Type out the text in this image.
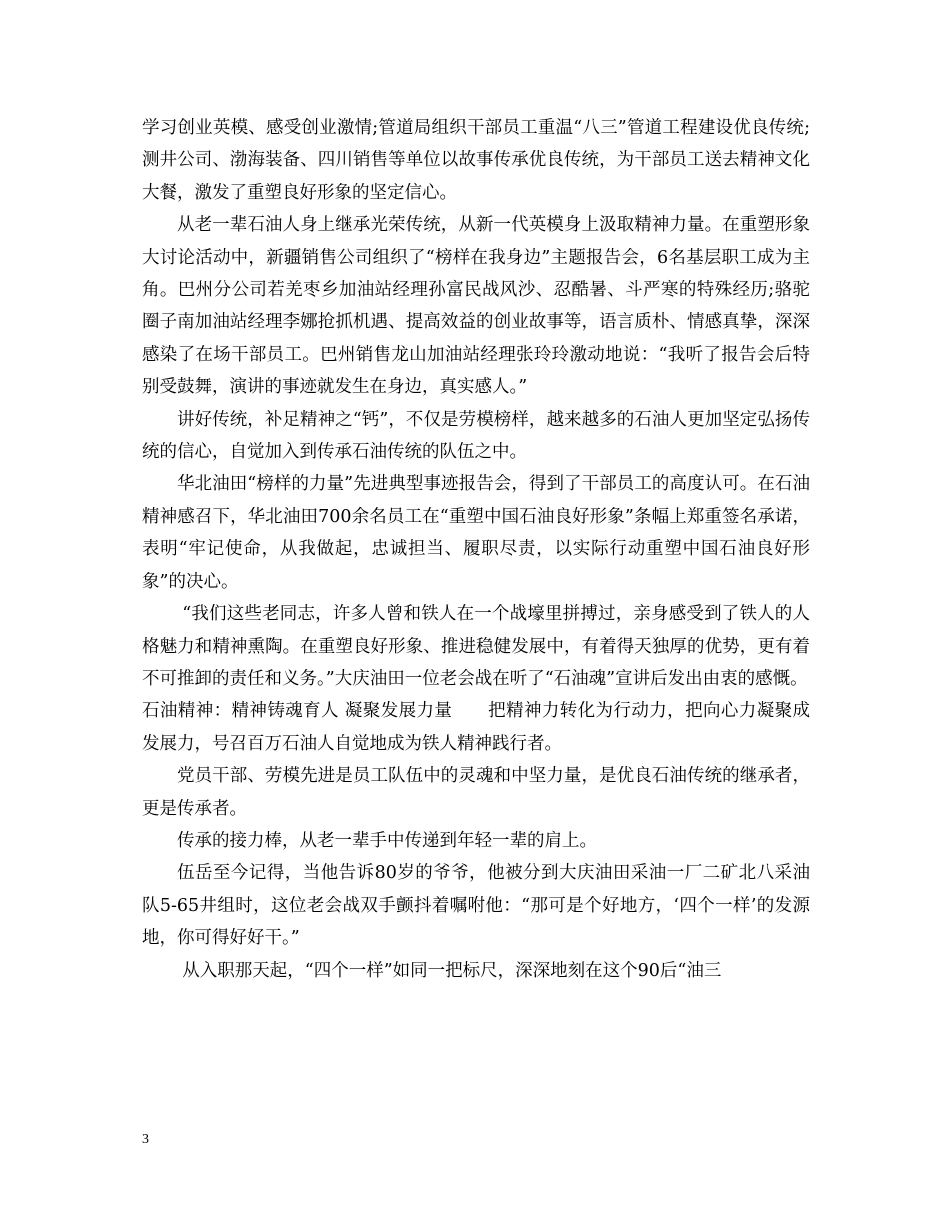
学习创业英模、感受创业激情;管道局组织干部员工重温“八三”管道工程建设优良传统;测井公司、渤海装备、四川销售等单位以故事传承优良传统，为干部员工送去精神文化大餐，激发了重塑良好形象的坚定信心。

从老一辈石油人身上继承光荣传统，从新一代英模身上汲取精神力量。在重塑形象大讨论活动中，新疆销售公司组织了“榜样在我身边”主题报告会，6名基层职工成为主角。巴州分公司若羌枣乡加油站经理孙富民战风沙、忍酷暑、斗严寒的特殊经历;骆驼圈子南加油站经理李娜抢抓机遇、提高效益的创业故事等，语言质朴、情感真挚，深深感染了在场干部员工。巴州销售龙山加油站经理张玲玲激动地说：“我听了报告会后特别受鼓舞，演讲的事迹就发生在身边，真实感人。”

讲好传统，补足精神之“钙”，不仅是劳模榜样，越来越多的石油人更加坚定弘扬传统的信心，自觉加入到传承石油传统的队伍之中。

华北油田“榜样的力量”先进典型事迹报告会，得到了干部员工的高度认可。在石油精神感召下，华北油田700余名员工在“重塑中国石油良好形象”条幅上郑重签名承诺，表明“牢记使命，从我做起，忠诚担当、履职尽责，以实际行动重塑中国石油良好形象”的决心。

“我们这些老同志，许多人曾和铁人在一个战壕里拼搏过，亲身感受到了铁人的人格魅力和精神熏陶。在重塑良好形象、推进稳健发展中，有着得天独厚的优势，更有着不可推卸的责任和义务。”大庆油田一位老会战在听了“石油魂”宣讲后发出由衷的感慨。

石油精神：精神铸魂育人 凝聚发展力量　　把精神力转化为行动力，把向心力凝聚成发展力，号召百万石油人自觉地成为铁人精神践行者。

党员干部、劳模先进是员工队伍中的灵魂和中坚力量，是优良石油传统的继承者，更是传承者。

传承的接力棒，从老一辈手中传递到年轻一辈的肩上。

伍岳至今记得，当他告诉80岁的爷爷，他被分到大庆油田采油一厂二矿北八采油队5-65井组时，这位老会战双手颤抖着嘱咐他：“那可是个好地方，‘四个一样’的发源地，你可得好好干。”

从入职那天起，“四个一样”如同一把标尺，深深地刻在这个90后“油三

3
